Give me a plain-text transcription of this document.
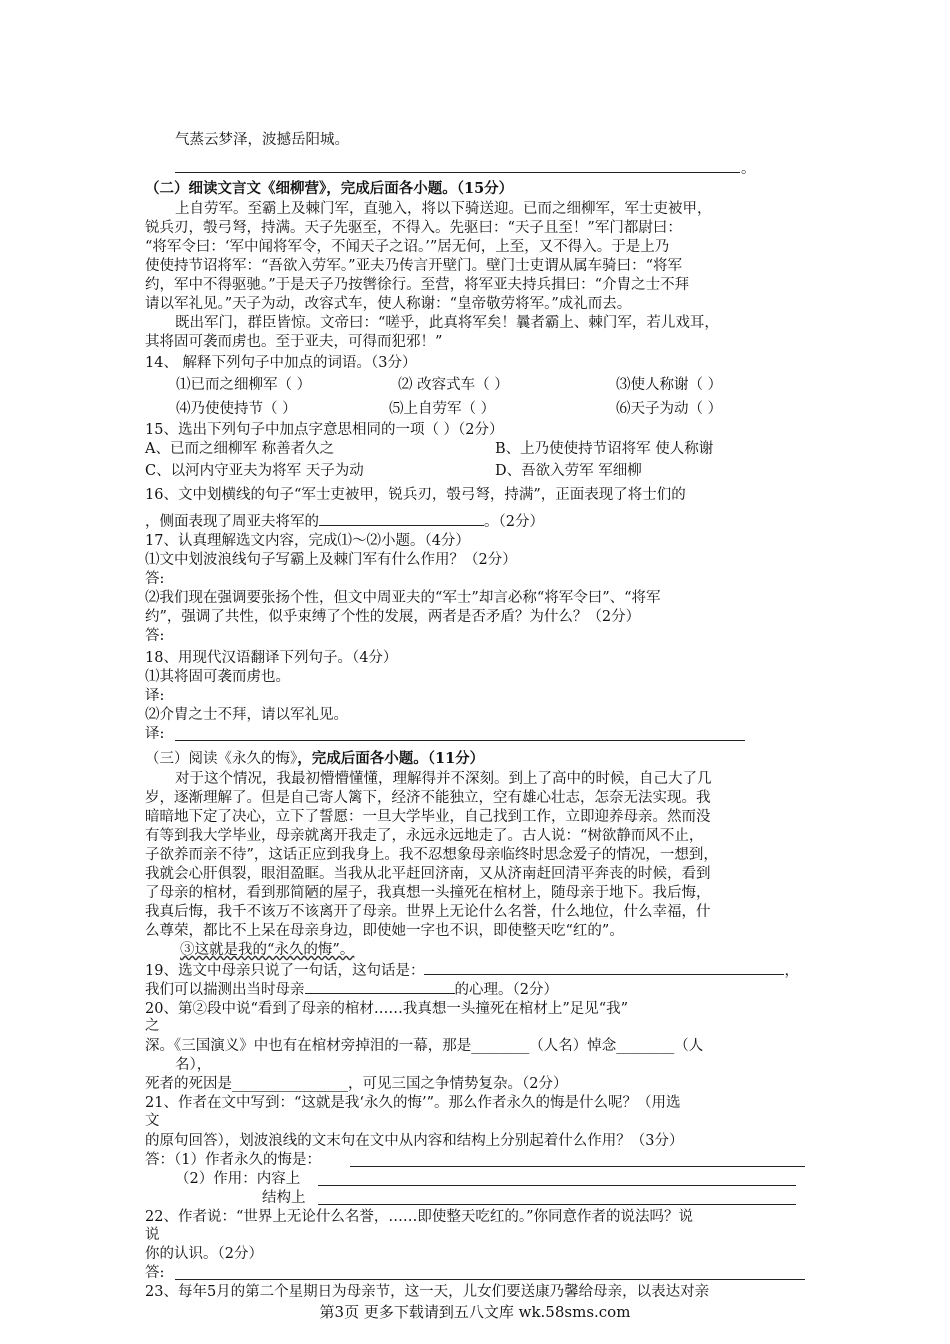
气蒸云梦泽，波撼岳阳城。
。
（二）细读文言文《细柳营》，完成后面各小题。（15分）
上自劳军。至霸上及棘门军，直驰入，将以下骑送迎。已而之细柳军，军士吏被甲，
锐兵刃，彀弓弩，持满。天子先驱至，不得入。先驱曰：“天子且至！”军门都尉曰：
“将军令曰：‘军中闻将军令，不闻天子之诏。’”居无何，上至，又不得入。于是上乃
使使持节诏将军：“吾欲入劳军。”亚夫乃传言开壁门。壁门士吏谓从属车骑曰：“将军
约，军中不得驱驰。”于是天子乃按辔徐行。至营，将军亚夫持兵揖曰：“介胄之士不拜
请以军礼见。”天子为动，改容式车，使人称谢：“皇帝敬劳将军。”成礼而去。
既出军门，群臣皆惊。文帝曰：“嗟乎，此真将军矣！曩者霸上、棘门军，若儿戏耳，
其将固可袭而虏也。至于亚夫，可得而犯邪！”
14、 解释下列句子中加点的词语。（3分）
⑴已而之细柳军（ ）	⑵ 改容式车（ ）	⑶使人称谢（ ）
⑷乃使使持节（ ）	⑸上自劳军（ ）	⑹天子为动（ ）
15、选出下列句子中加点字意思相同的一项（ ）（2分）
A、已而之细柳军 称善者久之	B、上乃使使持节诏将军 使人称谢
C、以河内守亚夫为将军 天子为动	D、吾欲入劳军 军细柳
16、文中划横线的句子“军士吏被甲，锐兵刃，彀弓弩，持满”，正面表现了将士们的
，侧面表现了周亚夫将军的	。（2分）
17、认真理解选文内容，完成⑴～⑵小题。（4分）
⑴文中划波浪线句子写霸上及棘门军有什么作用？（2分）
答:
⑵我们现在强调要张扬个性，但文中周亚夫的“军士”却言必称“将军令曰”、“将军
约”，强调了共性，似乎束缚了个性的发展，两者是否矛盾？为什么？（2分）
答:
18、用现代汉语翻译下列句子。（4分）
⑴其将固可袭而虏也。
译:
⑵介胄之士不拜，请以军礼见。
译:
（三）阅读《永久的悔》，完成后面各小题。（11分）
对于这个情况，我最初懵懵懂懂，理解得并不深刻。到上了高中的时候，自己大了几
岁，逐渐理解了。但是自己寄人篱下，经济不能独立，空有雄心壮志，怎奈无法实现。我
暗暗地下定了决心，立下了誓愿：一旦大学毕业，自己找到工作，立即迎养母亲。然而没
有等到我大学毕业，母亲就离开我走了，永远永远地走了。古人说：“树欲静而风不止，
子欲养而亲不待”，这话正应到我身上。我不忍想象母亲临终时思念爱子的情况，一想到，
我就会心肝俱裂，眼泪盈眶。当我从北平赶回济南，又从济南赶回清平奔丧的时候，看到
了母亲的棺材，看到那简陋的屋子，我真想一头撞死在棺材上，随母亲于地下。我后悔，
我真后悔，我千不该万不该离开了母亲。世界上无论什么名誉，什么地位，什么幸福，什
么尊荣，都比不上呆在母亲身边，即使她一字也不识，即使整天吃“红的”。
③这就是我的“永久的悔”。
19、选文中母亲只说了一句话，这句话是：	，
我们可以揣测出当时母亲	的心理。（2分）
20、第②段中说“看到了母亲的棺材……我真想一头撞死在棺材上”足见“我”
之
深。《三国演义》中也有在棺材旁掉泪的一幕，那是________（人名）悼念________（人
名），
死者的死因是________________，可见三国之争情势复杂。（2分）
21、作者在文中写到：“这就是我‘永久的悔’”。那么作者永久的悔是什么呢？（用选
文
的原句回答），划波浪线的文末句在文中从内容和结构上分别起着什么作用？（3分）
答：（1）作者永久的悔是：
（2）作用：内容上
结构上
22、作者说：“世界上无论什么名誉，……即使整天吃红的。”你同意作者的说法吗？说
说
你的认识。（2分）
答:
23、每年5月的第二个星期日为母亲节，这一天，儿女们要送康乃馨给母亲，以表达对亲
第3页 更多下载请到五八文库 wk.58sms.com
